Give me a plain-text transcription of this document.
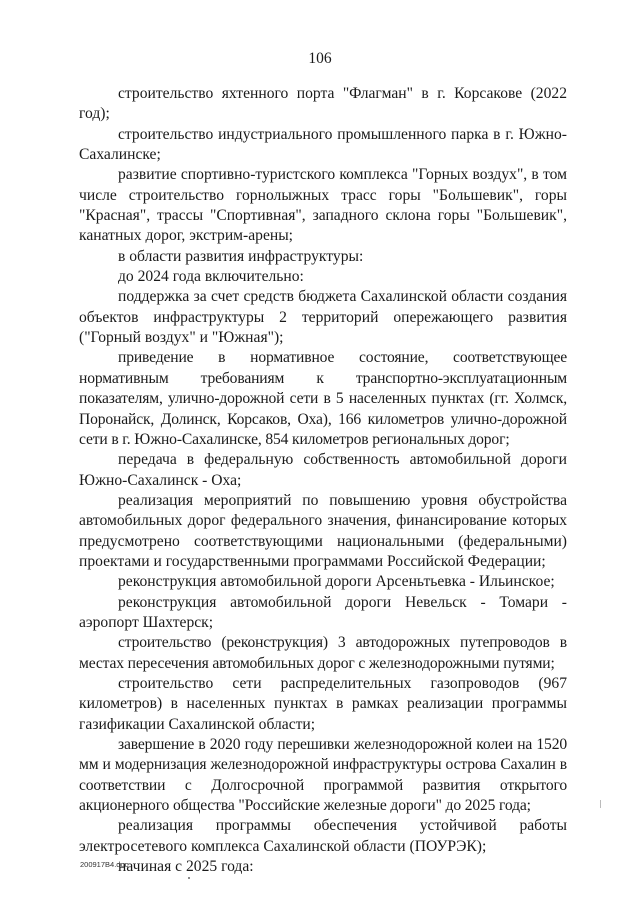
106

строительство яхтенного порта "Флагман" в г. Корсакове (2022 год);

строительство индустриального промышленного парка в г. Южно-Сахалинске;

развитие спортивно-туристского комплекса "Горных воздух", в том числе строительство горнолыжных трасс горы "Большевик", горы "Красная", трассы "Спортивная", западного склона горы "Большевик", канатных дорог, экстрим-арены;

в области развития инфраструктуры:

до 2024 года включительно:

поддержка за счет средств бюджета Сахалинской области создания объектов инфраструктуры 2 территорий опережающего развития ("Горный воздух" и "Южная");

приведение в нормативное состояние, соответствующее нормативным требованиям к транспортно-эксплуатационным показателям, улично-дорожной сети в 5 населенных пунктах (гг. Холмск, Поронайск, Долинск, Корсаков, Оха), 166 километров улично-дорожной сети в г. Южно-Сахалинске, 854 километров региональных дорог;

передача в федеральную собственность автомобильной дороги Южно-Сахалинск - Оха;

реализация мероприятий по повышению уровня обустройства автомобильных дорог федерального значения, финансирование которых предусмотрено соответствующими национальными (федеральными) проектами и государственными программами Российской Федерации;

реконструкция автомобильной дороги Арсеньтьевка - Ильинское;

реконструкция автомобильной дороги Невельск - Томари - аэропорт Шахтерск;

строительство (реконструкция) 3 автодорожных путепроводов в местах пересечения автомобильных дорог с железнодорожными путями;

строительство сети распределительных газопроводов (967 километров) в населенных пунктах в рамках реализации программы газификации Сахалинской области;

завершение в 2020 году перешивки железнодорожной колеи на 1520 мм и модернизация железнодорожной инфраструктуры острова Сахалин в соответствии с Долгосрочной программой развития открытого акционерного общества "Российские железные дороги" до 2025 года;

реализация программы обеспечения устойчивой работы электросетевого комплекса Сахалинской области (ПОУРЭК);

начиная с 2025 года:

200917В4.doc
